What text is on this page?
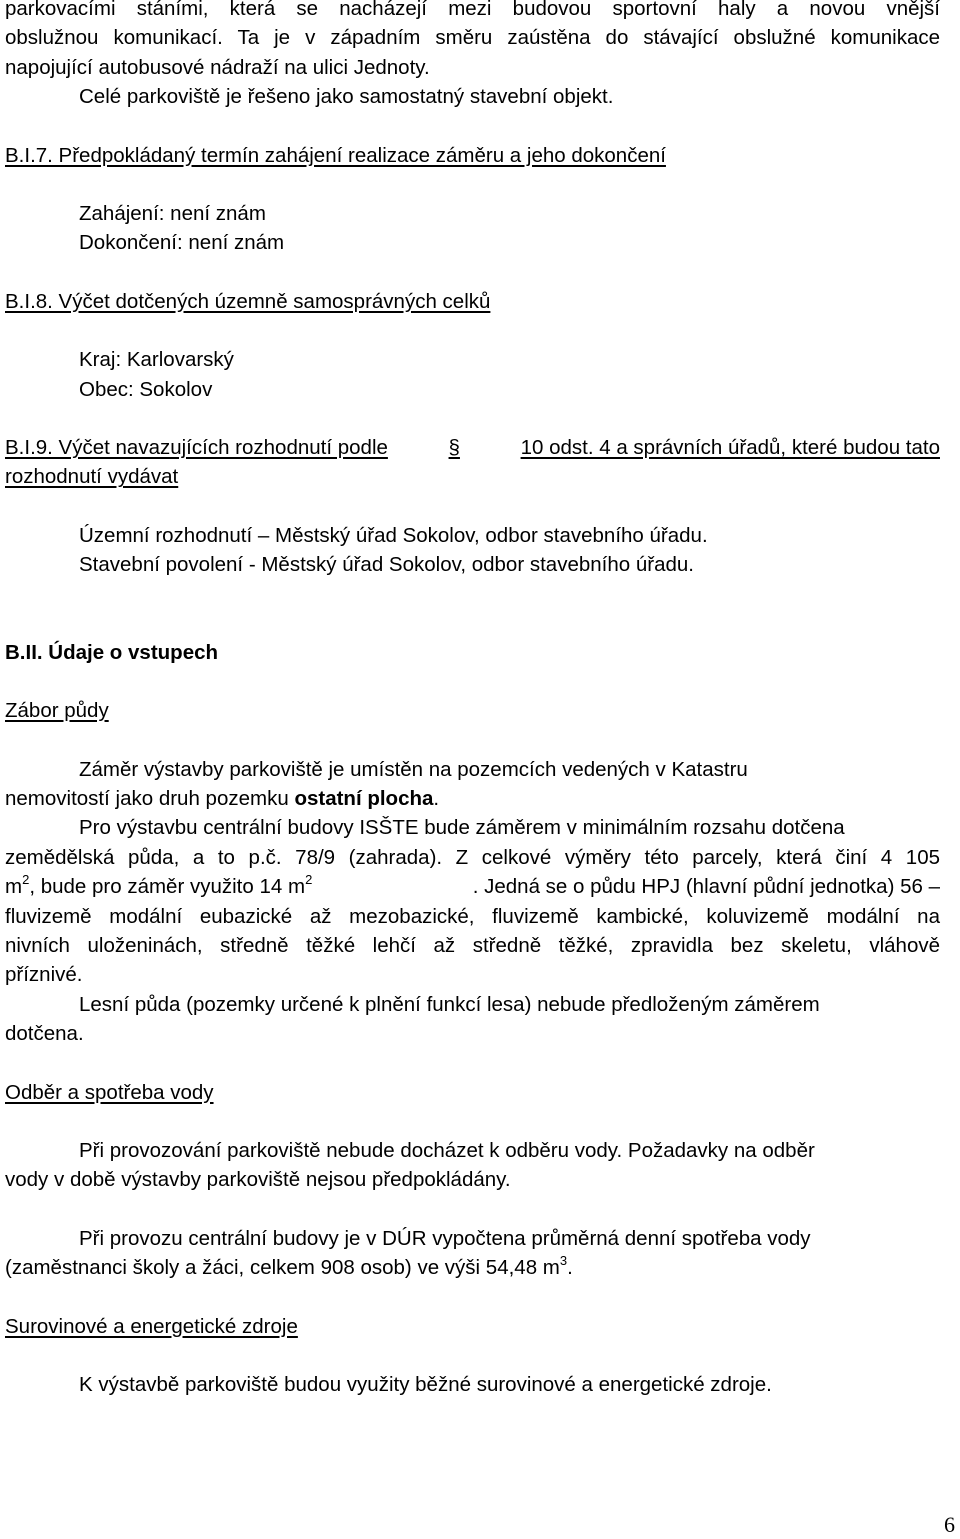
parkovacími stáními, která se nacházejí mezi budovou sportovní haly a novou vnější
obslužnou komunikací. Ta je v západním směru zaústěna do stávající obslužné komunikace
napojující autobusové nádraží na ulici Jednoty.
Celé parkoviště je řešeno jako samostatný stavební objekt.
B.I.7. Předpokládaný termín zahájení realizace záměru a jeho dokončení
Zahájení: není znám
Dokončení: není znám
B.I.8. Výčet dotčených územně samosprávných celků
Kraj: Karlovarský
Obec: Sokolov
B.I.9. Výčet navazujících rozhodnutí podle	§	10 odst. 4 a správních úřadů, které budou tato
rozhodnutí vydávat
Územní rozhodnutí – Městský úřad Sokolov, odbor stavebního úřadu.
Stavební povolení - Městský úřad Sokolov, odbor stavebního úřadu.
B.II. Údaje o vstupech
Zábor půdy
Záměr výstavby parkoviště je umístěn na pozemcích vedených v Katastru
nemovitostí jako druh pozemku ostatní plocha.
Pro výstavbu centrální budovy ISŠTE bude záměrem v minimálním rozsahu dotčena
zemědělská půda, a to p.č. 78/9 (zahrada). Z celkové výměry této parcely, která činí 4 105
$m^2$, bude pro záměr využito 14 $m^2$	. Jedná se o půdu HPJ (hlavní půdní jednotka) 56 –
fluvizemě modální eubazické až mezobazické, fluvizemě kambické, koluvizemě modální na
nivních uloženinách, středně těžké lehčí až středně těžké, zpravidla bez skeletu, vláhově
příznivé.
Lesní půda (pozemky určené k plnění funkcí lesa) nebude předloženým záměrem
dotčena.
Odběr a spotřeba vody
Při provozování parkoviště nebude docházet k odběru vody. Požadavky na odběr
vody v době výstavby parkoviště nejsou předpokládány.
Při provozu centrální budovy je v DÚR vypočtena průměrná denní spotřeba vody
(zaměstnanci školy a žáci, celkem 908 osob) ve výši 54,48 $m^3$.
Surovinové a energetické zdroje
K výstavbě parkoviště budou využity běžné surovinové a energetické zdroje.
6
